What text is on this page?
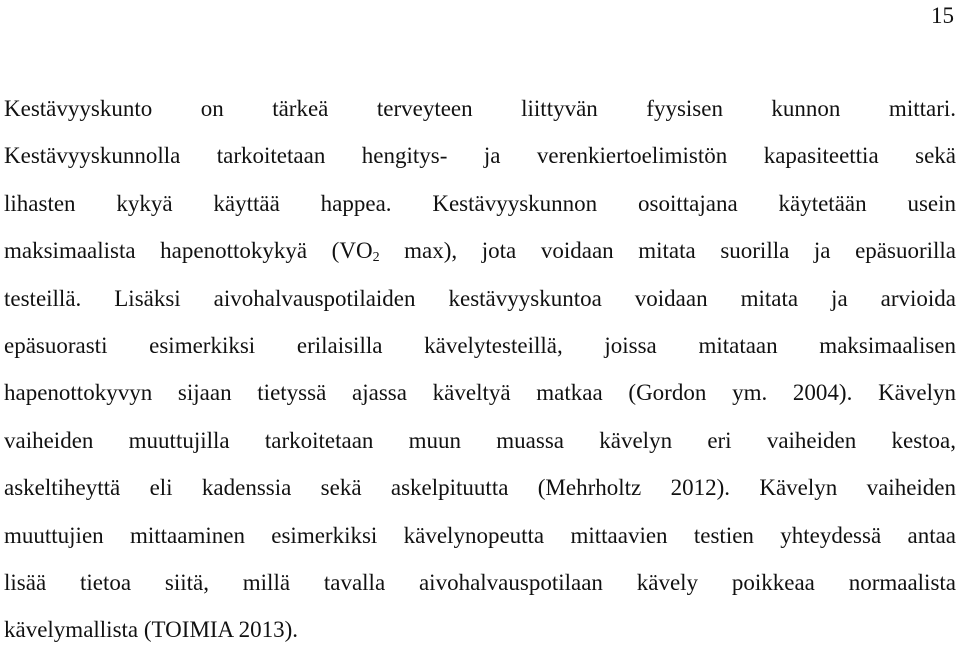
15
Kestävyyskunto on tärkeä terveyteen liittyvän fyysisen kunnon mittari.
Kestävyyskunnolla tarkoitetaan hengitys- ja verenkiertoelimistön kapasiteettia sekä
lihasten kykyä käyttää happea. Kestävyyskunnon osoittajana käytetään usein
maksimaalista hapenottokykyä ($VO_2$ max), jota voidaan mitata suorilla ja epäsuorilla
testeillä. Lisäksi aivohalvauspotilaiden kestävyyskuntoa voidaan mitata ja arvioida
epäsuorasti esimerkiksi erilaisilla kävelytesteillä, joissa mitataan maksimaalisen
hapenottokyvyn sijaan tietyssä ajassa käveltyä matkaa (Gordon ym. 2004). Kävelyn
vaiheiden muuttujilla tarkoitetaan muun muassa kävelyn eri vaiheiden kestoa,
askeltiheyttä eli kadenssia sekä askelpituutta (Mehrholtz 2012). Kävelyn vaiheiden
muuttujien mittaaminen esimerkiksi kävelynopeutta mittaavien testien yhteydessä antaa
lisää tietoa siitä, millä tavalla aivohalvauspotilaan kävely poikkeaa normaalista
kävelymallista (TOIMIA 2013).
